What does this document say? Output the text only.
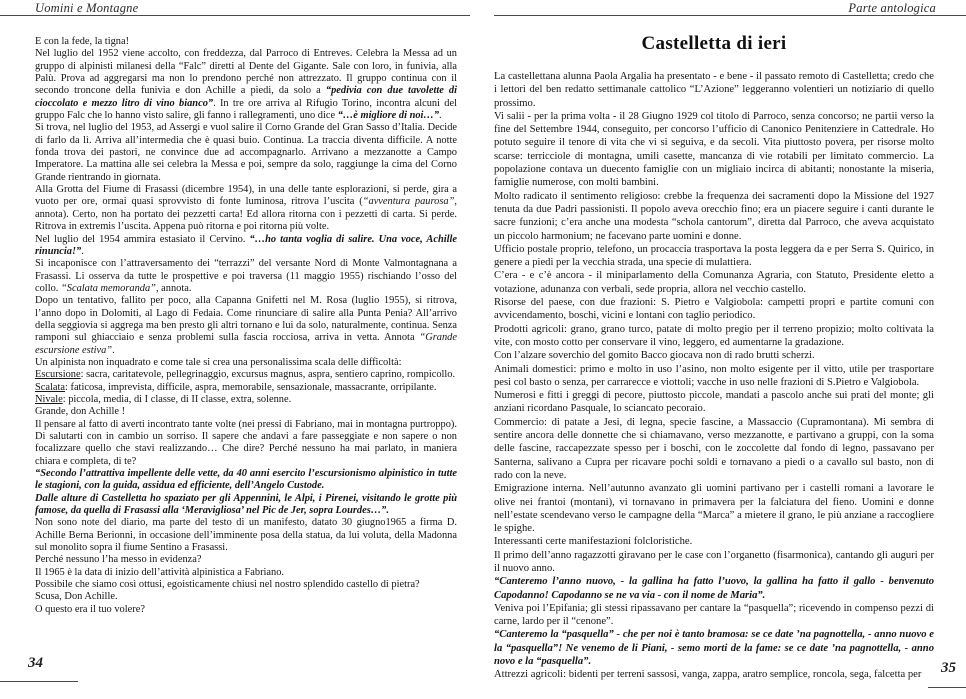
Uomini e Montagne
E con la fede, la tigna!
Nel luglio del 1952 viene accolto, con freddezza, dal Parroco di Entreves. Celebra la Messa ad un gruppo di alpinisti milanesi della “Falc” diretti al Dente del Gigante. Sale con loro, in funivia, alla Palù. Prova ad aggregarsi ma non lo prendono perché non attrezzato. Il gruppo continua con il secondo troncone della funivia e don Achille a piedi, da solo a “pedivia con due tavolette di cioccolato e mezzo litro di vino bianco”. In tre ore arriva al Rifugio Torino, incontra alcuni del gruppo Falc che lo hanno visto salire, gli fanno i rallegramenti, uno dice “…è migliore di noi…”.
Si trova, nel luglio del 1953, ad Assergi e vuol salire il Corno Grande del Gran Sasso d’Italia. Decide di farlo da lì. Arriva all’intermedia che è quasi buio. Continua. La traccia diventa difficile. A notte fonda trova dei pastori, ne convince due ad accompagnarlo. Arrivano a mezzanotte a Campo Imperatore. La mattina alle sei celebra la Messa e poi, sempre da solo, raggiunge la cima del Corno Grande rientrando in giornata.
Alla Grotta del Fiume di Frasassi (dicembre 1954), in una delle tante esplorazioni, si perde, gira a vuoto per ore, ormai quasi sprovvisto di fonte luminosa, ritrova l’uscita (“avventura paurosa”, annota). Certo, non ha portato dei pezzetti carta! Ed allora ritorna con i pezzetti di carta. Si perde. Ritrova in extremis l’uscita. Appena può ritorna e poi ritorna più volte.
Nel luglio del 1954 ammira estasiato il Cervino. “…ho tanta voglia di salire. Una voce, Achille rinuncia!”.
Si incaponisce con l’attraversamento dei “terrazzi” del versante Nord di Monte Valmontagnana a Frasassi. Li osserva da tutte le prospettive e poi traversa (11 maggio 1955) rischiando l’osso del collo. “Scalata memoranda”, annota.
Dopo un tentativo, fallito per poco, alla Capanna Gnifetti nel M. Rosa (luglio 1955), si ritrova, l’anno dopo in Dolomiti, al Lago di Fedaia. Come rinunciare di salire alla Punta Penia? All’arrivo della seggiovia si aggrega ma ben presto gli altri tornano e lui da solo, naturalmente, continua. Senza ramponi sul ghiacciaio e senza problemi sulla fascia rocciosa, arriva in vetta. Annota “Grande escursione estiva”.
Un alpinista non inquadrato e come tale si crea una personalissima scala delle difficoltà:
Escursione: sacra, caritatevole, pellegrinaggio, excursus magnus, aspra, sentiero caprino, rompicollo.
Scalata: faticosa, imprevista, difficile, aspra, memorabile, sensazionale, massacrante, orripilante.
Nivale: piccola, media, di I classe, di II classe, extra, solenne.
Grande, don Achille !
Il pensare al fatto di averti incontrato tante volte (nei pressi di Fabriano, mai in montagna purtroppo). Di salutarti con in cambio un sorriso. Il sapere che andavi a fare passeggiate e non sapere o non focalizzare quello che stavi realizzando… Che dire? Perché nessuno ha mai parlato, in maniera chiara e completa, di te?
“Secondo l’attrattiva impellente delle vette, da 40 anni esercito l’escursionismo alpinistico in tutte le stagioni, con la guida, assidua ed efficiente, dell’Angelo Custode.
Dalle alture di Castelletta ho spaziato per gli Appennini, le Alpi, i Pirenei, visitando le grotte più famose, da quella di Frasassi alla ‘Meravigliosa’ nel Pic de Jer, sopra Lourdes…”.
Non sono note del diario, ma parte del testo di un manifesto, datato 30 giugno1965 a firma D. Achille Berna Berionni, in occasione dell’imminente posa della statua, da lui voluta, della Madonna sul monolito sopra il fiume Sentino a Frasassi.
Perché nessuno l’ha messo in evidenza?
Il 1965 è la data di inizio dell’attività alpinistica a Fabriano.
Possibile che siamo così ottusi, egoisticamente chiusi nel nostro splendido castello di pietra?
Scusa, Don Achille.
O questo era il tuo volere?
34
Parte antologica
Castelletta di ieri
La castellettana alunna Paola Argalia ha presentato - e bene - il passato remoto di Castelletta; credo che i lettori del ben redatto settimanale cattolico “L’Azione” leggeranno volentieri un notiziario di quello prossimo.
Vi salii - per la prima volta - il 28 Giugno 1929 col titolo di Parroco, senza concorso; ne partii verso la fine del Settembre 1944, conseguito, per concorso l’ufficio di Canonico Penitenziere in Cattedrale. Ho potuto seguire il tenore di vita che vi si seguiva, e da secoli. Vita piuttosto povera, per risorse molto scarse: terricciole di montagna, umili casette, mancanza di vie rotabili per limitato commercio. La popolazione contava un duecento famiglie con un migliaio incirca di abitanti; nonostante la miseria, famiglie numerose, con molti bambini.
Molto radicato il sentimento religioso: crebbe la frequenza dei sacramenti dopo la Missione del 1927 tenuta da due Padri passionisti. Il popolo aveva orecchio fino; era un piacere seguire i canti durante le sacre funzioni; c’era anche una modesta “schola cantorum”, diretta dal Parroco, che aveva acquistato un piccolo harmonium; ne facevano parte uomini e donne.
Ufficio postale proprio, telefono, un procaccia trasportava la posta leggera da e per Serra S. Quirico, in genere a piedi per la vecchia strada, una specie di mulattiera.
C’era - e c’è ancora - il miniparlamento della Comunanza Agraria, con Statuto, Presidente eletto a votazione, adunanza con verbali, sede propria, allora nel vecchio castello.
Risorse del paese, con due frazioni: S. Pietro e Valgiobola: campetti propri e partite comuni con avvicendamento, boschi, vicini e lontani con taglio periodico.
Prodotti agricoli: grano, grano turco, patate di molto pregio per il terreno propizio; molto coltivata la vite, con mosto cotto per conservare il vino, leggero, ed aumentarne la gradazione.
Con l’alzare soverchio del gomito Bacco giocava non di rado brutti scherzi.
Animali domestici: primo e molto in uso l’asino, non molto esigente per il vitto, utile per trasportare pesi col basto o senza, per carrarecce e viottoli; vacche in uso nelle frazioni di S.Pietro e Valgiobola.
Numerosi e fitti i greggi di pecore, piuttosto piccole, mandati a pascolo anche sui prati del monte; gli anziani ricordano Pasquale, lo sciancato pecoraio.
Commercio: di patate a Jesi, di legna, specie fascine, a Massaccio (Cupramontana). Mi sembra di sentire ancora delle donnette che si chiamavano, verso mezzanotte, e partivano a gruppi, con la soma delle fascine, raccapezzate spesso per i boschi, con le zoccolette dal fondo di legno, passavano per Santerna, salivano a Cupra per ricavare pochi soldi e tornavano a piedi o a cavallo sul basto, non di rado con la neve.
Emigrazione interna. Nell’autunno avanzato gli uomini partivano per i castelli romani a lavorare le olive nei frantoi (montani), vi tornavano in primavera per la falciatura del fieno. Uomini e donne nell’estate scendevano verso le campagne della “Marca” a mietere il grano, le più anziane a raccogliere le spighe.
Interessanti certe manifestazioni folcloristiche.
Il primo dell’anno ragazzotti giravano per le case con l’organetto (fisarmonica), cantando gli auguri per il nuovo anno.
“Canteremo l’anno nuovo, - la gallina ha fatto l’uovo, la gallina ha fatto il gallo - benvenuto Capodanno! Capodanno se ne va via - con il nome de Maria”.
Veniva poi l’Epifania; gli stessi ripassavano per cantare la “pasquella”; ricevendo in compenso pezzi di carne, lardo per il “cenone”.
“Canteremo la “pasquella” - che per noi è tanto bramosa: se ce date ’na pagnottella, - anno nuovo e la “pasquella”! Ne venemo de li Piani, - semo morti de la fame: se ce date ’na pagnottella, - anno novo e la “pasquella”.
Attrezzi agricoli: bidenti per terreni sassosi, vanga, zappa, aratro semplice, roncola, sega, falcetta per	35
